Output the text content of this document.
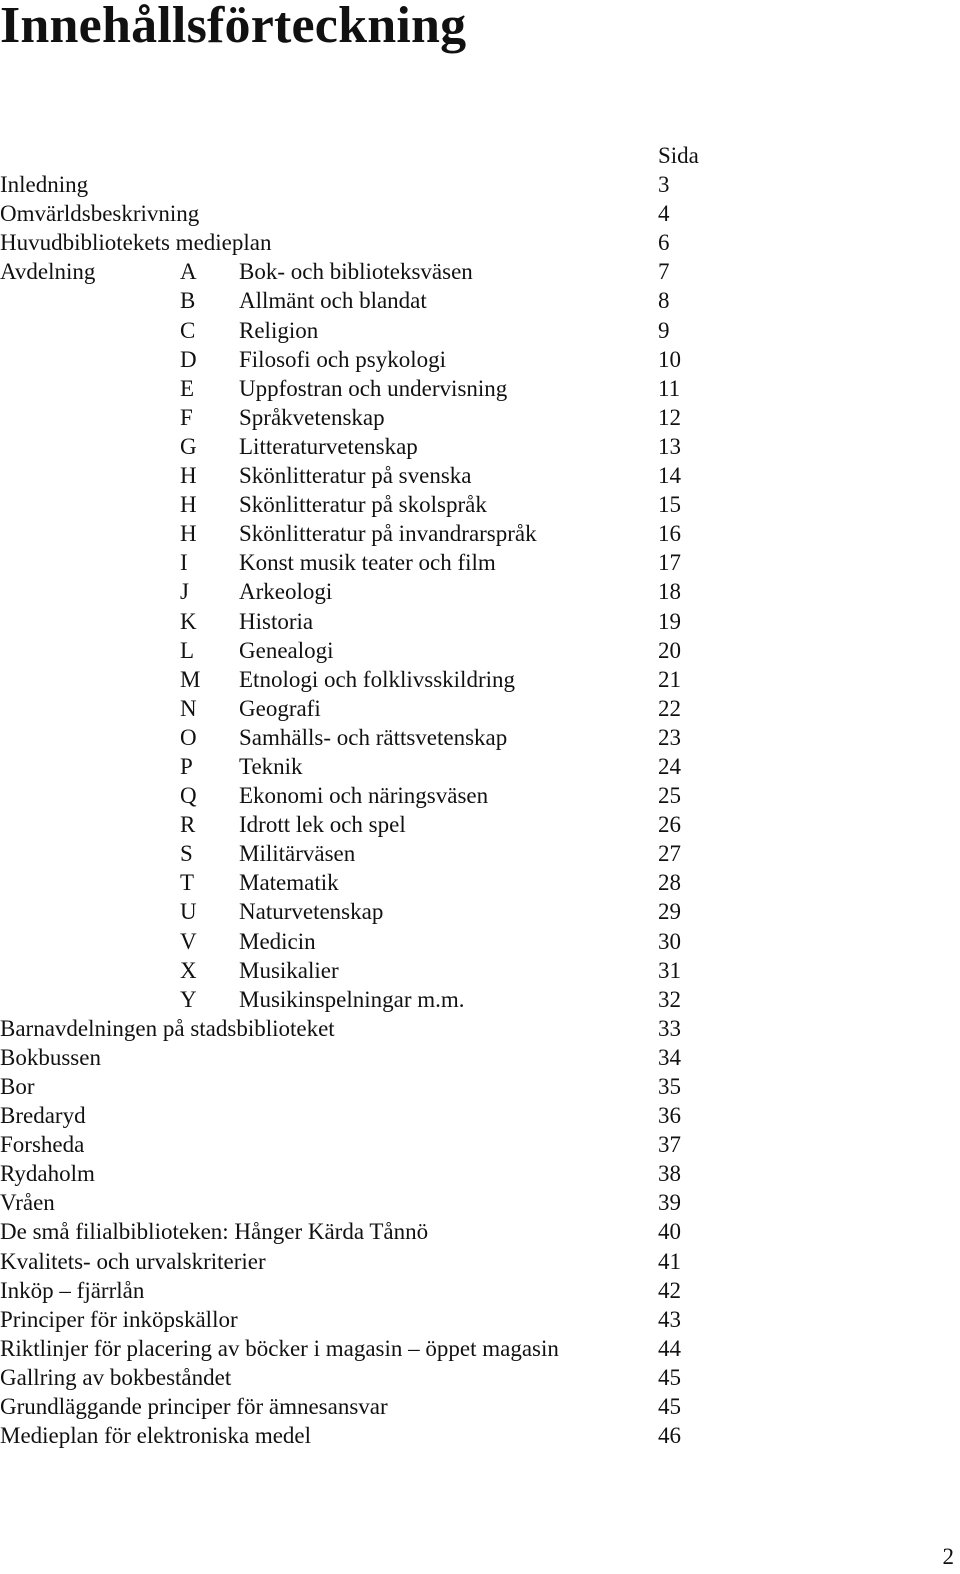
Innehållsförteckning
Sida
Inledning	3
Omvärldsbeskrivning	4
Huvudbibliotekets medieplan	6
Avdelning	A Bok- och biblioteksväsen	7
B Allmänt och blandat	8
C Religion	9
D Filosofi och psykologi	10
E Uppfostran och undervisning	11
F Språkvetenskap	12
G Litteraturvetenskap	13
H Skönlitteratur på svenska	14
H Skönlitteratur på skolspråk	15
H Skönlitteratur på invandrarspråk	16
I Konst musik teater och film	17
J Arkeologi	18
K Historia	19
L Genealogi	20
M Etnologi och folklivsskildring	21
N Geografi	22
O Samhälls- och rättsvetenskap	23
P Teknik	24
Q Ekonomi och näringsväsen	25
R Idrott lek och spel	26
S Militärväsen	27
T Matematik	28
U Naturvetenskap	29
V Medicin	30
X Musikalier	31
Y Musikinspelningar m.m.	32
Barnavdelningen på stadsbiblioteket	33
Bokbussen	34
Bor	35
Bredaryd	36
Forsheda	37
Rydaholm	38
Vråen	39
De små filialbiblioteken: Hånger Kärda Tånnö	40
Kvalitets- och urvalskriterier	41
Inköp – fjärrlån	42
Principer för inköpskällor	43
Riktlinjer för placering av böcker i magasin – öppet magasin	44
Gallring av bokbeståndet	45
Grundläggande principer för ämnesansvar	45
Medieplan för elektroniska medel	46
2
